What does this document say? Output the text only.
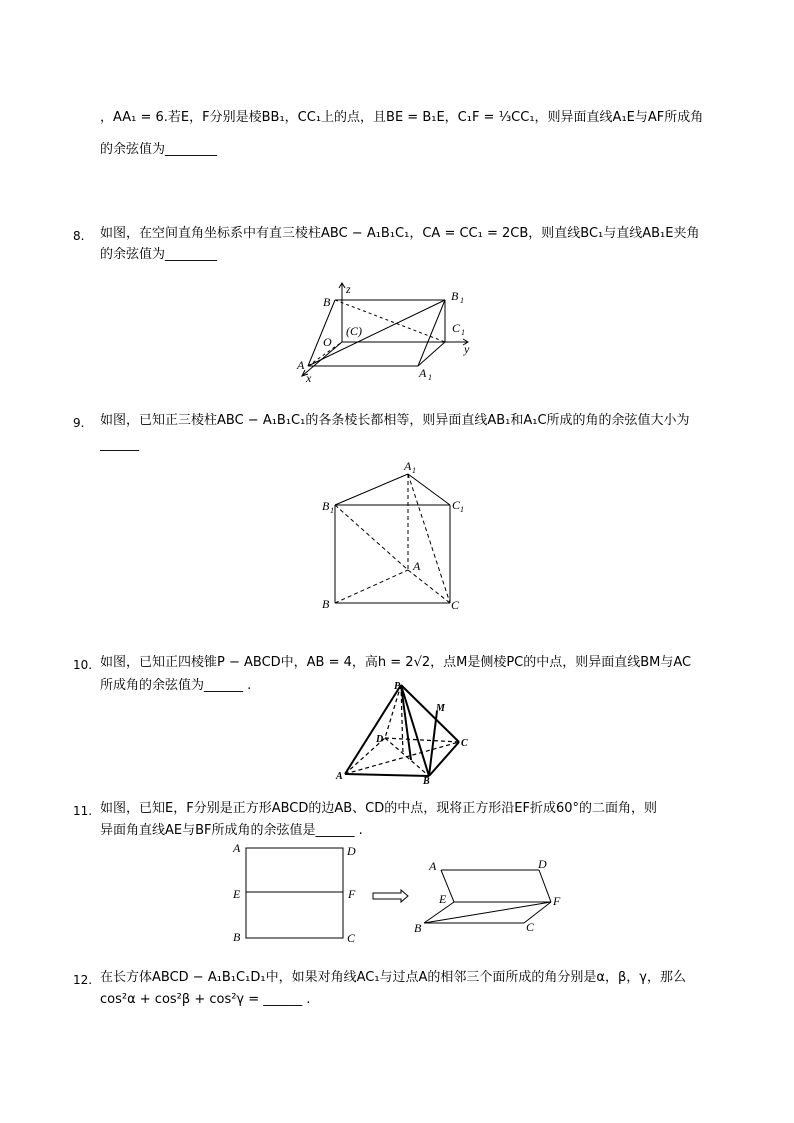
，AA₁ = 6.若E，F分别是棱BB₁，CC₁上的点，且BE = B₁E，C₁F = ⅓CC₁，则异面直线A₁E与AF所成角
的余弦值为________
8. 如图，在空间直角坐标系中有直三棱柱ABC − A₁B₁C₁，CA = CC₁ = 2CB，则直线BC₁与直线AB₁E夹角
的余弦值为________
B
z	B 1
(C)
O
C 1
A
y
x	A 1
9. 如图，已知正三棱柱ABC − A₁B₁C₁的各条棱长都相等，则异面直线AB₁和A₁C所成的角的余弦值大小为
______
A 1
B 1	C 1
A
B	C
10. 如图，已知正四棱锥P − ABCD中，AB = 4，高h = 2√2，点M是侧棱PC的中点，则异面直线BM与AC
所成角的余弦值为______ .	P
M
D	C
A	B
11. 如图，已知E，F分别是正方形ABCD的边AB、CD的中点，现将正方形沿EF折成60°的二面角，则
异面角直线AE与BF所成角的余弦值是______ .
A	D
E	F
B	C
A	D
E	F
B	C
12. 在长方体ABCD − A₁B₁C₁D₁中，如果对角线AC₁与过点A的相邻三个面所成的角分别是α，β，γ，那么
cos²α + cos²β + cos²γ = ______ .
